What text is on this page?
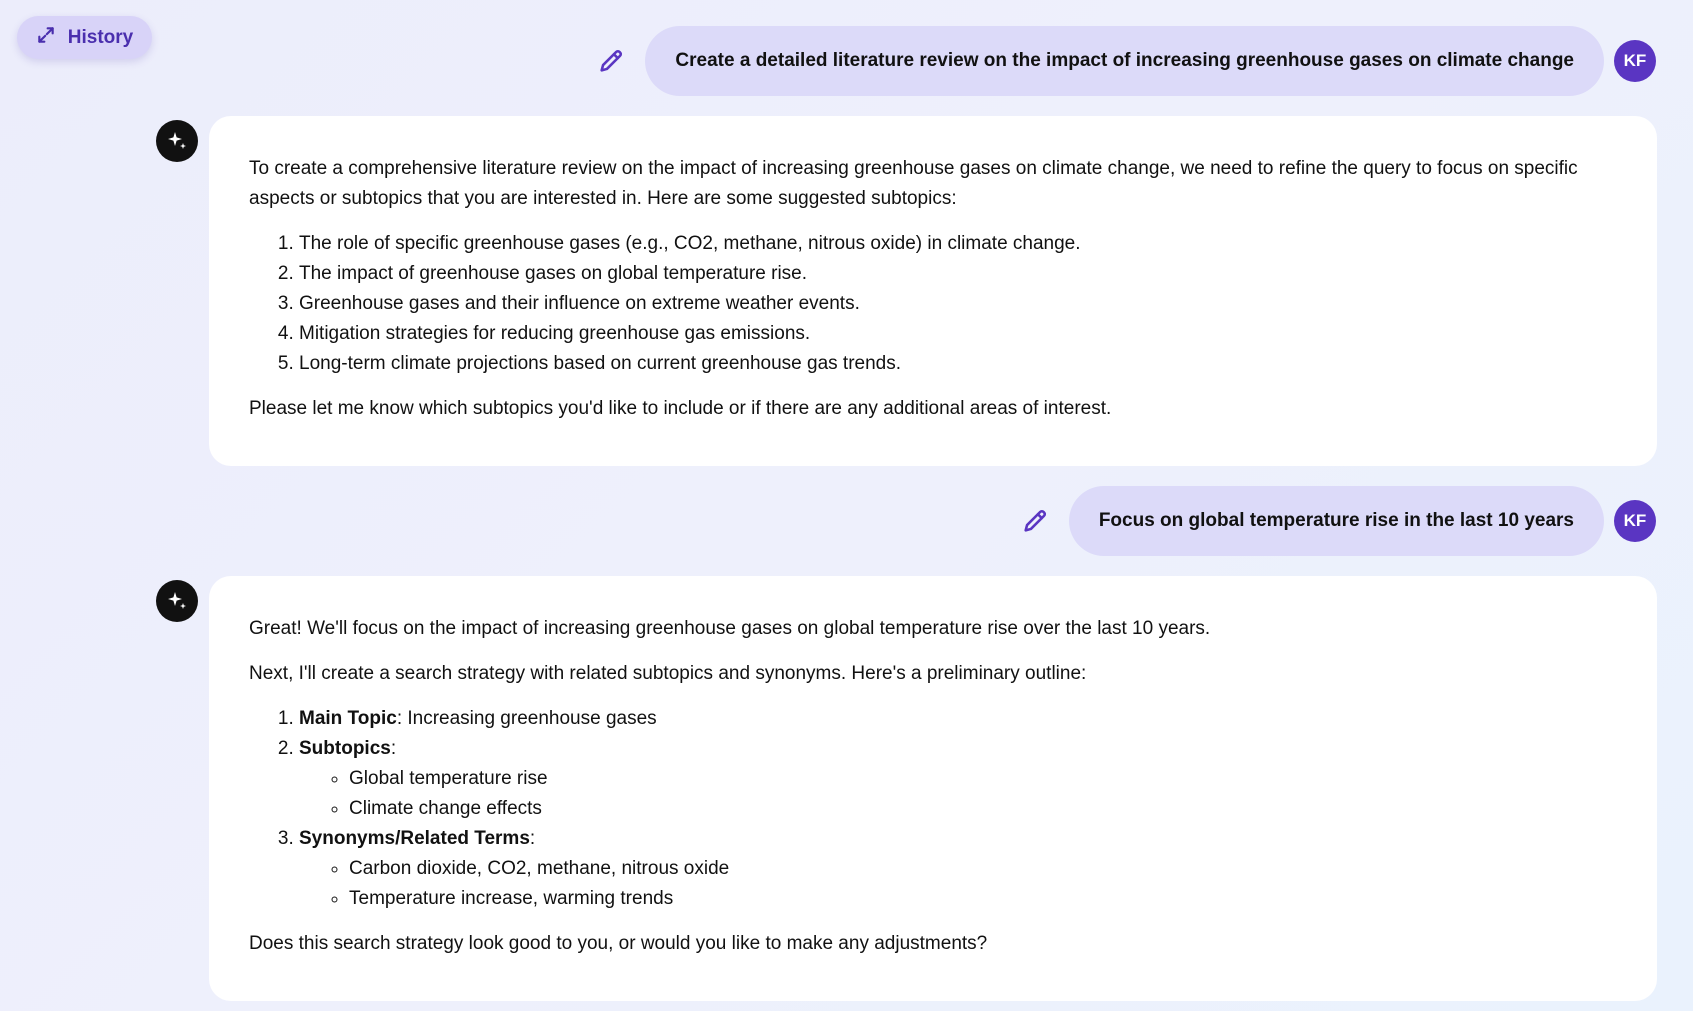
History
Create a detailed literature review on the impact of increasing greenhouse gases on climate change	KF

To create a comprehensive literature review on the impact of increasing greenhouse gases on climate change, we need to refine the query to focus on specific aspects or subtopics that you are interested in. Here are some suggested subtopics:

1. The role of specific greenhouse gases (e.g., CO2, methane, nitrous oxide) in climate change.
2. The impact of greenhouse gases on global temperature rise.
3. Greenhouse gases and their influence on extreme weather events.
4. Mitigation strategies for reducing greenhouse gas emissions.
5. Long-term climate projections based on current greenhouse gas trends.

Please let me know which subtopics you'd like to include or if there are any additional areas of interest.

Focus on global temperature rise in the last 10 years	KF

Great! We'll focus on the impact of increasing greenhouse gases on global temperature rise over the last 10 years.

Next, I'll create a search strategy with related subtopics and synonyms. Here's a preliminary outline:

1. Main Topic: Increasing greenhouse gases
2. Subtopics:
◦ Global temperature rise
◦ Climate change effects
3. Synonyms/Related Terms:
◦ Carbon dioxide, CO2, methane, nitrous oxide
◦ Temperature increase, warming trends

Does this search strategy look good to you, or would you like to make any adjustments?
